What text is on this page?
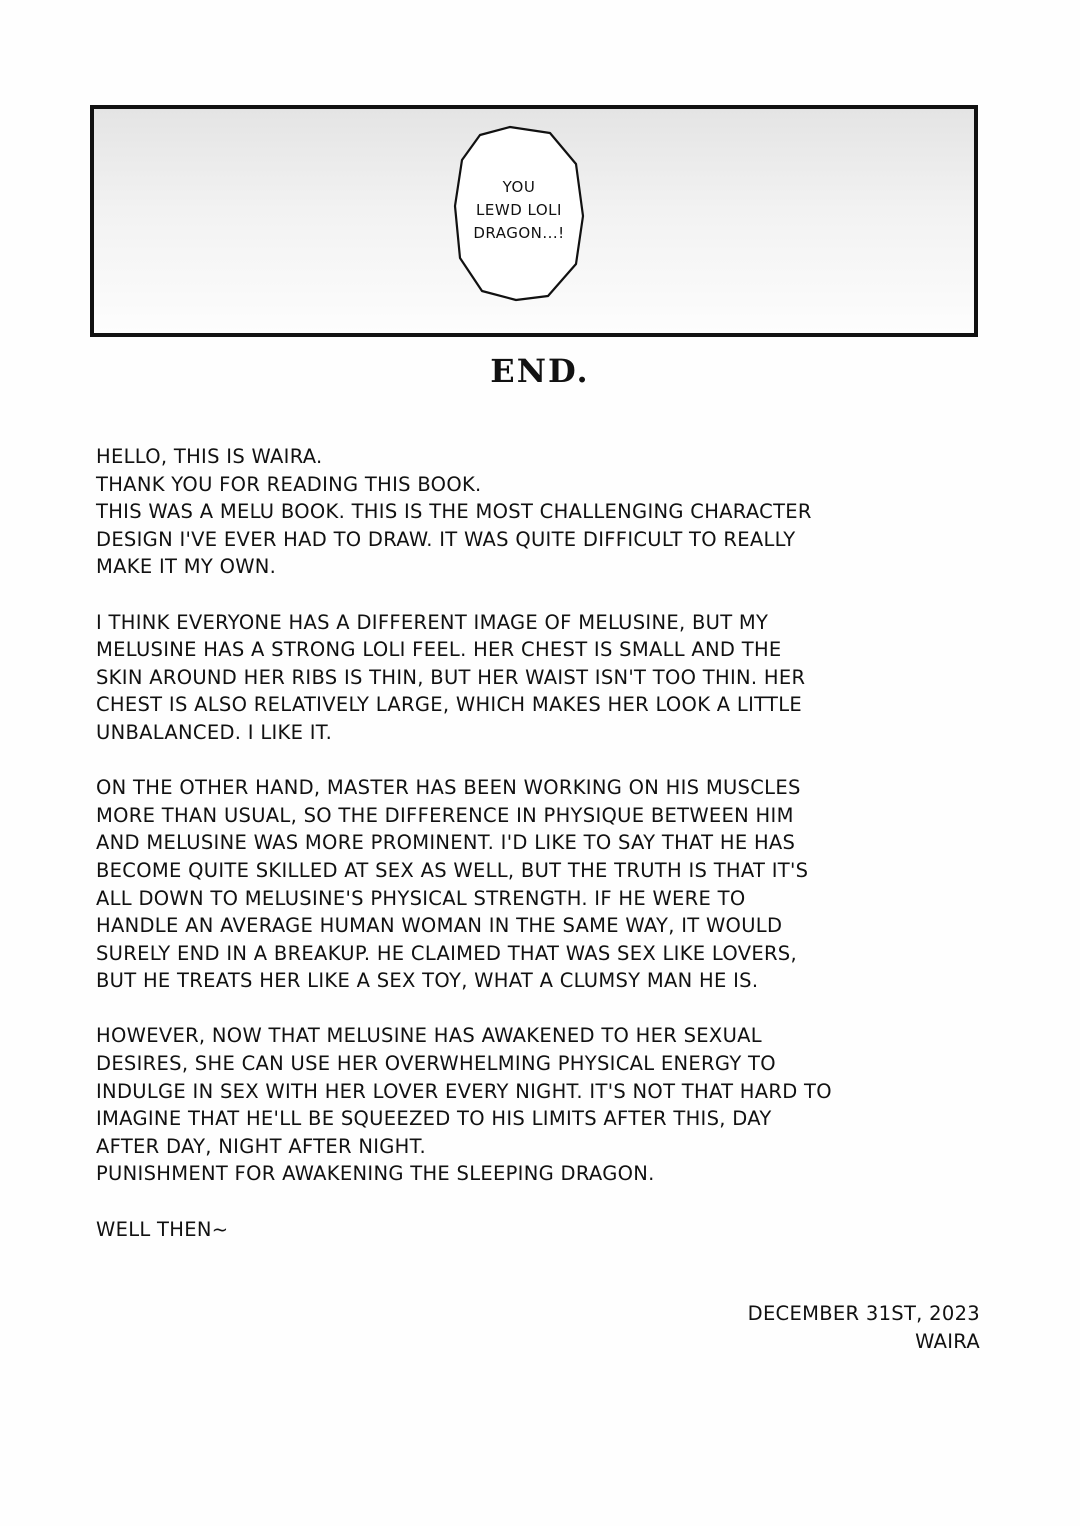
YOU
LEWD LOLI
DRAGON...!
END.

HELLO, THIS IS WAIRA.
THANK YOU FOR READING THIS BOOK.
THIS WAS A MELU BOOK. THIS IS THE MOST CHALLENGING CHARACTER
DESIGN I'VE EVER HAD TO DRAW. IT WAS QUITE DIFFICULT TO REALLY
MAKE IT MY OWN.

I THINK EVERYONE HAS A DIFFERENT IMAGE OF MELUSINE, BUT MY
MELUSINE HAS A STRONG LOLI FEEL. HER CHEST IS SMALL AND THE
SKIN AROUND HER RIBS IS THIN, BUT HER WAIST ISN'T TOO THIN. HER
CHEST IS ALSO RELATIVELY LARGE, WHICH MAKES HER LOOK A LITTLE
UNBALANCED. I LIKE IT.

ON THE OTHER HAND, MASTER HAS BEEN WORKING ON HIS MUSCLES
MORE THAN USUAL, SO THE DIFFERENCE IN PHYSIQUE BETWEEN HIM
AND MELUSINE WAS MORE PROMINENT. I'D LIKE TO SAY THAT HE HAS
BECOME QUITE SKILLED AT SEX AS WELL, BUT THE TRUTH IS THAT IT'S
ALL DOWN TO MELUSINE'S PHYSICAL STRENGTH. IF HE WERE TO
HANDLE AN AVERAGE HUMAN WOMAN IN THE SAME WAY, IT WOULD
SURELY END IN A BREAKUP. HE CLAIMED THAT WAS SEX LIKE LOVERS,
BUT HE TREATS HER LIKE A SEX TOY, WHAT A CLUMSY MAN HE IS.

HOWEVER, NOW THAT MELUSINE HAS AWAKENED TO HER SEXUAL
DESIRES, SHE CAN USE HER OVERWHELMING PHYSICAL ENERGY TO
INDULGE IN SEX WITH HER LOVER EVERY NIGHT. IT'S NOT THAT HARD TO
IMAGINE THAT HE'LL BE SQUEEZED TO HIS LIMITS AFTER THIS, DAY
AFTER DAY, NIGHT AFTER NIGHT.
PUNISHMENT FOR AWAKENING THE SLEEPING DRAGON.

WELL THEN~

DECEMBER 31ST, 2023
WAIRA
